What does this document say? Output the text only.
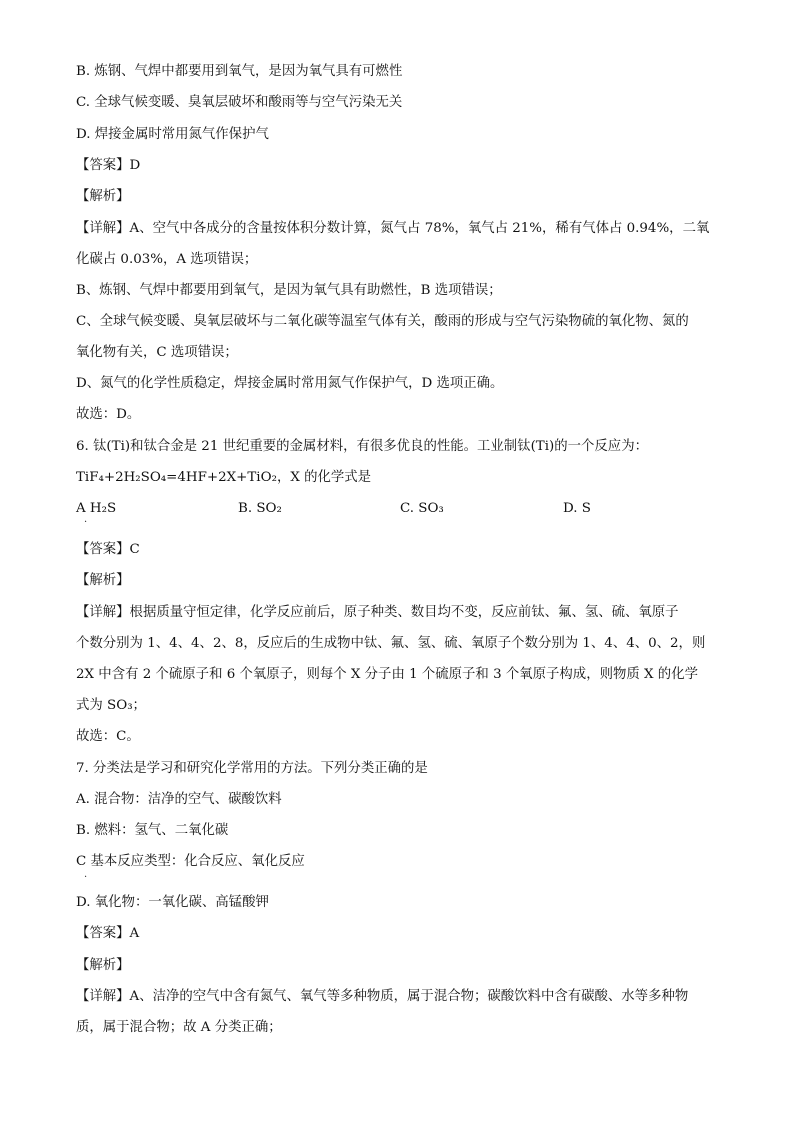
B. 炼钢、气焊中都要用到氧气，是因为氧气具有可燃性
C. 全球气候变暖、臭氧层破坏和酸雨等与空气污染无关
D. 焊接金属时常用氮气作保护气
【答案】D
【解析】
【详解】A、空气中各成分的含量按体积分数计算，氮气占 78%，氧气占 21%，稀有气体占 0.94%，二氧
化碳占 0.03%，A 选项错误；
B、炼钢、气焊中都要用到氧气，是因为氧气具有助燃性，B 选项错误；
C、全球气候变暖、臭氧层破坏与二氧化碳等温室气体有关，酸雨的形成与空气污染物硫的氧化物、氮的
氧化物有关，C 选项错误；
D、氮气的化学性质稳定，焊接金属时常用氮气作保护气，D 选项正确。
故选：D。
6. 钛(Ti)和钛合金是 21 世纪重要的金属材料，有很多优良的性能。工业制钛(Ti)的一个反应为：
TiF₄+2H₂SO₄=4HF+2X+TiO₂，X 的化学式是
A H₂S
·
B. SO₂	C. SO₃	D. S
【答案】C
【解析】
【详解】根据质量守恒定律，化学反应前后，原子种类、数目均不变，反应前钛、氟、氢、硫、氧原子
个数分别为 1、4、4、2、8，反应后的生成物中钛、氟、氢、硫、氧原子个数分别为 1、4、4、0、2，则
2X 中含有 2 个硫原子和 6 个氧原子，则每个 X 分子由 1 个硫原子和 3 个氧原子构成，则物质 X 的化学
式为 SO₃；
故选：C。
7. 分类法是学习和研究化学常用的方法。下列分类正确的是
A. 混合物：洁净的空气、碳酸饮料
B. 燃料：氢气、二氧化碳
C 基本反应类型：化合反应、氧化反应
·
D. 氧化物：一氧化碳、高锰酸钾
【答案】A
【解析】
【详解】A、洁净的空气中含有氮气、氧气等多种物质，属于混合物；碳酸饮料中含有碳酸、水等多种物
质，属于混合物；故 A 分类正确；
